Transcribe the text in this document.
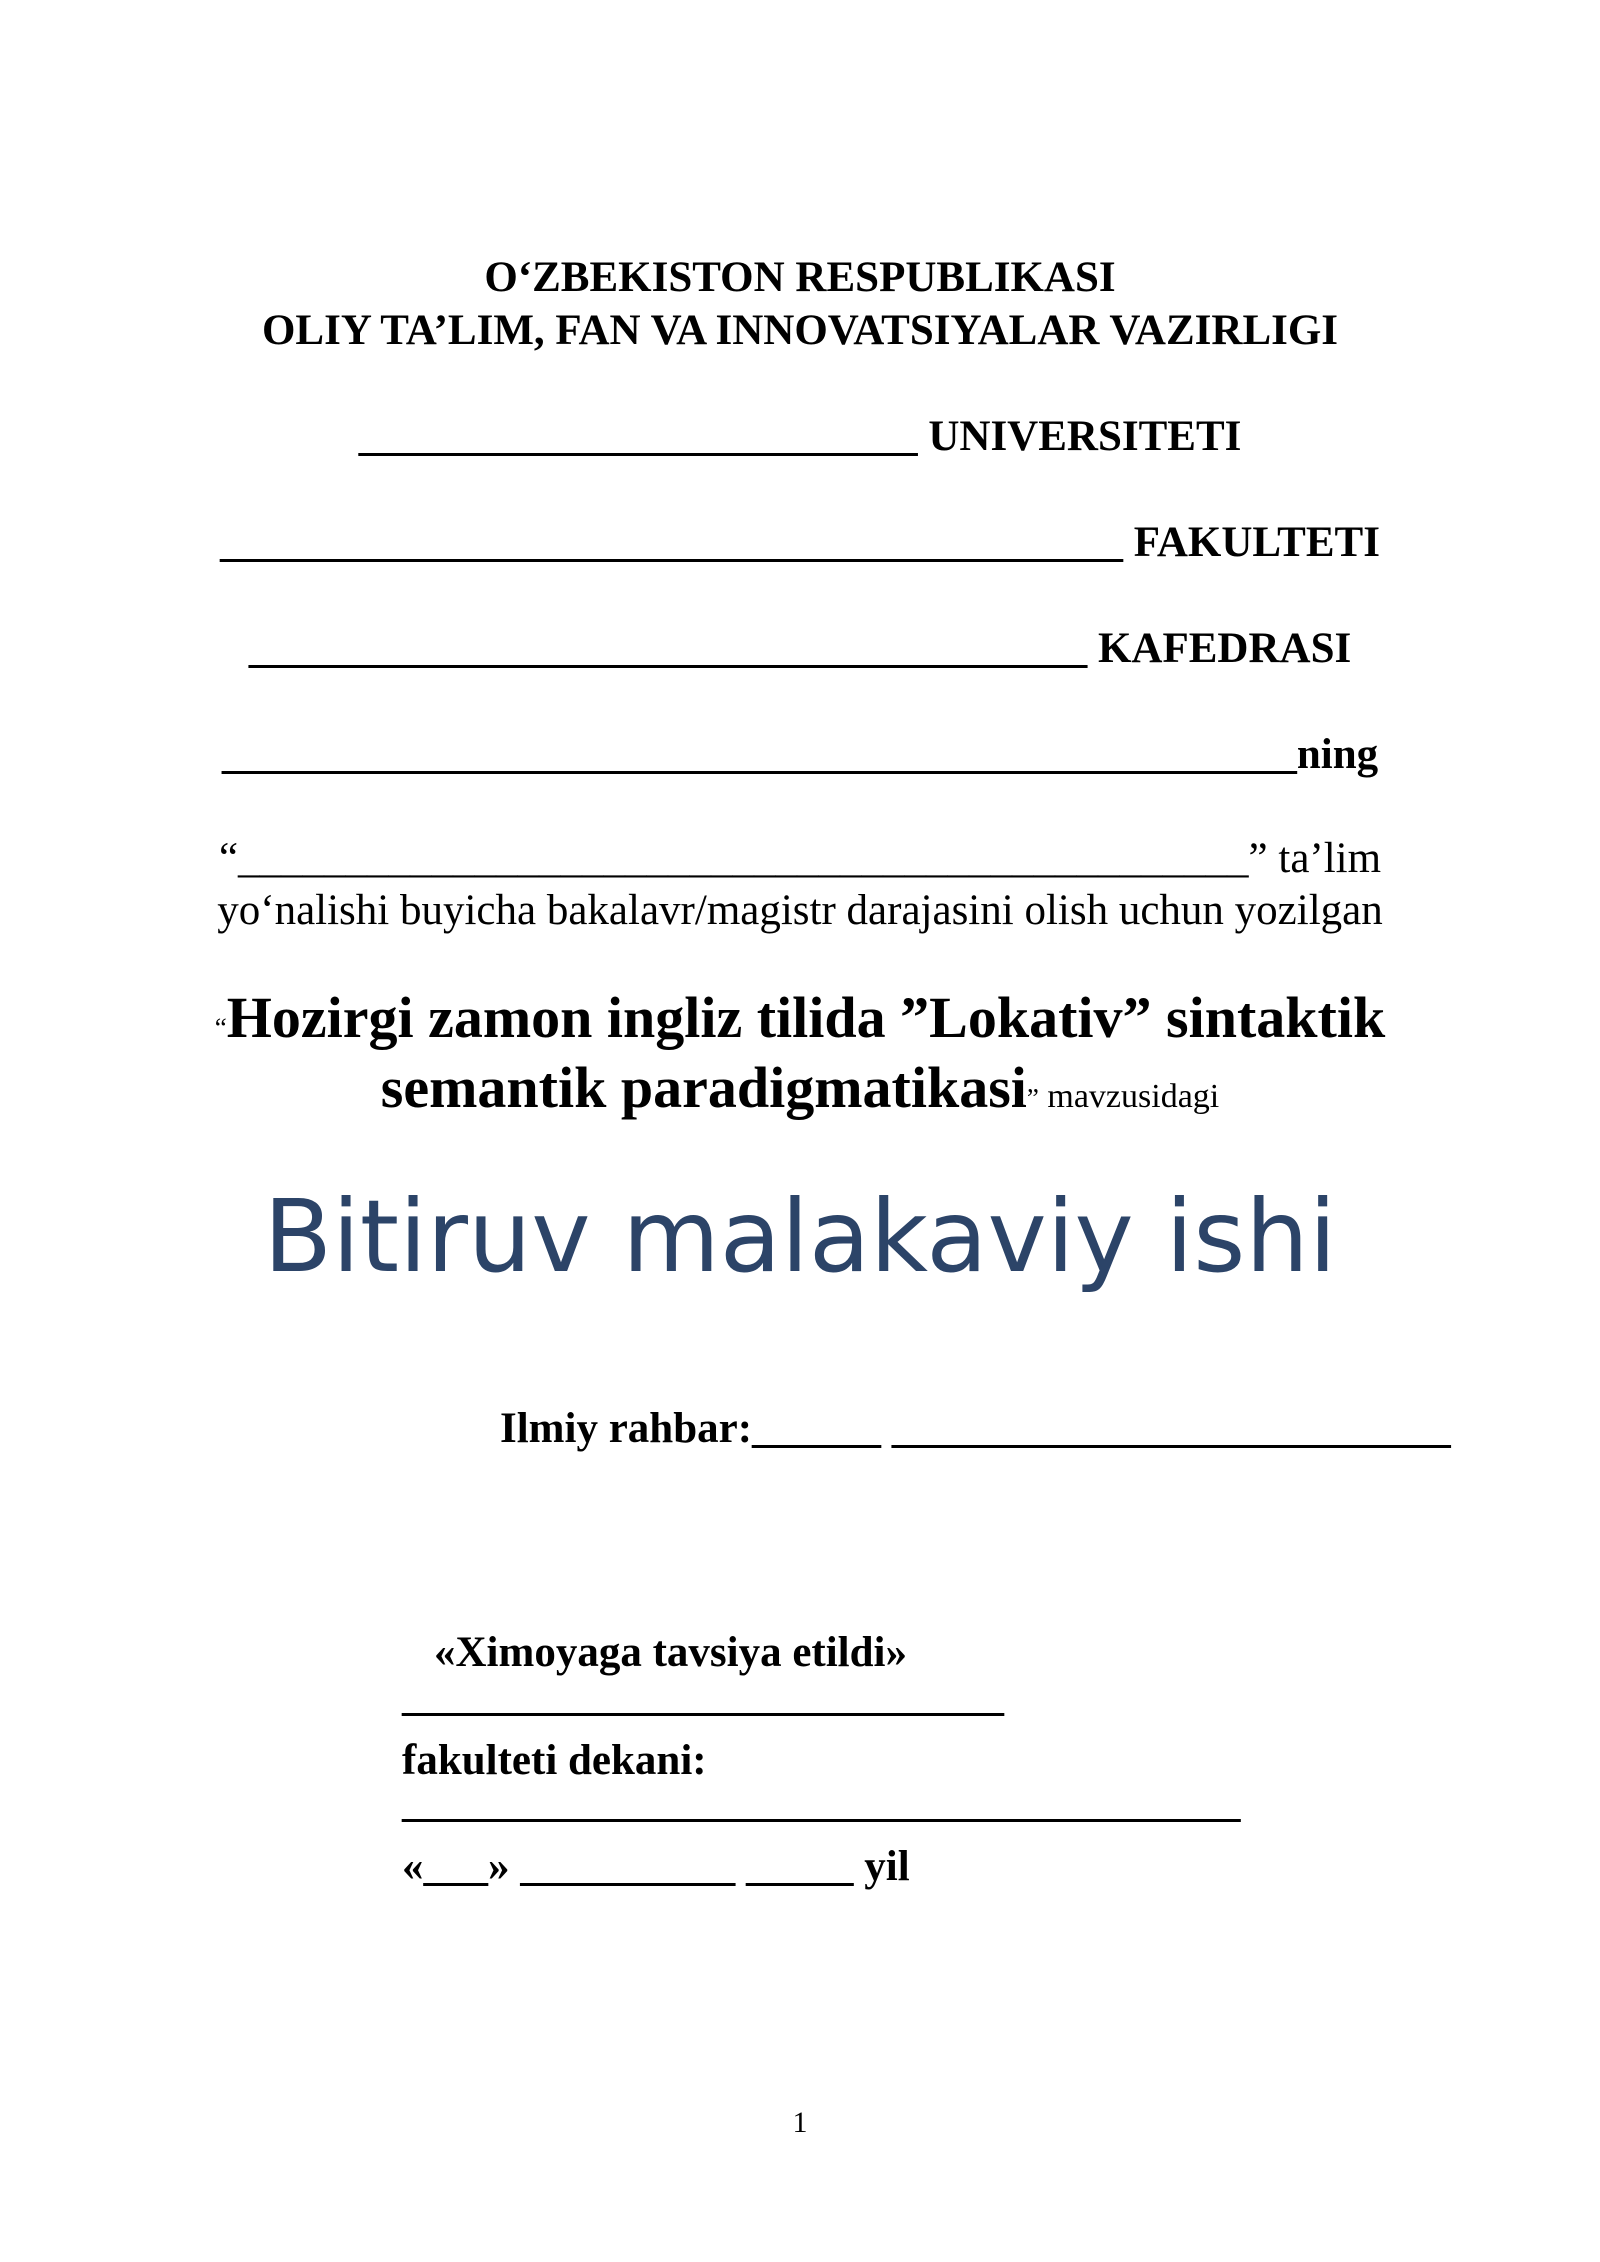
O‘ZBEKISTON RESPUBLIKASI
OLIY TA’LIM, FAN VA INNOVATSIYALAR VAZIRLIGI
__________________________ UNIVERSITETI
__________________________________________ FAKULTETI
_______________________________________ KAFEDRASI
__________________________________________________ning
“_______________________________________________” ta’lim
yo‘nalishi buyicha bakalavr/magistr darajasini olish uchun yozilgan
“Hozirgi zamon ingliz tilida ”Lokativ” sintaktik
semantik paradigmatikasi” mavzusidagi
Bitiruv malakaviy ishi
Ilmiy rahbar:______ __________________________
«Ximoyaga tavsiya etildi»
____________________________
fakulteti dekani:
_______________________________________
«___» __________ _____ yil
1
